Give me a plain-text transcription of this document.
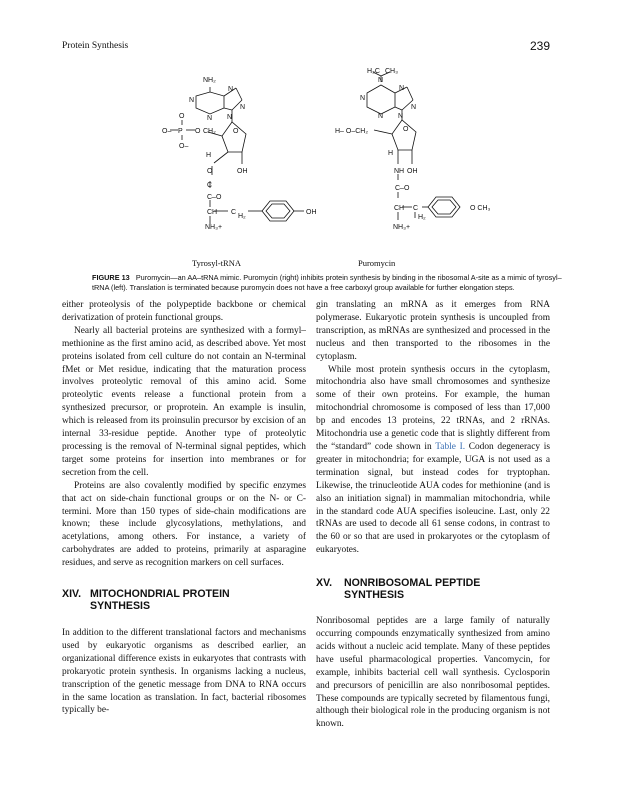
Protein Synthesis	239
NH₂
N
N
N
N N
O– P
O
O–
O CH₂ O
H
O	OH
C
C–O
CH C
H₂
OH
NH₃+
H₃C CH₃
N
N
N
N
N N
H– O–CH₂	O
H
NH OH
C–O
CH C
H₂
NH₃+
O CH₃
Tyrosyl-tRNA	Puromycin
FIGURE 13 Puromycin—an AA–tRNA mimic. Puromycin (right) inhibits protein synthesis by binding in the ribosomal A-site as a mimic of tyrosyl–tRNA (left). Translation is terminated because puromycin does not have a free carboxyl group available for further elongation steps.

either proteolysis of the polypeptide backbone or chemical derivatization of protein functional groups.

Nearly all bacterial proteins are synthesized with a formyl–methionine as the first amino acid, as described above. Yet most proteins isolated from cell culture do not contain an N-terminal fMet or Met residue, indicating that the maturation process involves proteolytic removal of this amino acid. Some proteolytic events release a functional protein from a synthesized precursor, or proprotein. An example is insulin, which is released from its proinsulin precursor by excision of an internal 33-residue peptide. Another type of proteolytic processing is the removal of N-terminal signal peptides, which target some proteins for insertion into membranes or for secretion from the cell.

Proteins are also covalently modified by specific enzymes that act on side-chain functional groups or on the N- or C-termini. More than 150 types of side-chain modifications are known; these include glycosylations, methylations, and acetylations, among others. For instance, a variety of carbohydrates are added to proteins, primarily at asparagine residues, and serve as recognition markers on cell surfaces.

XIV. MITOCHONDRIAL PROTEIN
SYNTHESIS

In addition to the different translational factors and mechanisms used by eukaryotic organisms as described earlier, an organizational difference exists in eukaryotes that contrasts with prokaryotic protein synthesis. In organisms lacking a nucleus, transcription of the genetic message from DNA to RNA occurs in the same location as translation. In fact, bacterial ribosomes typically be-

gin translating an mRNA as it emerges from RNA polymerase. Eukaryotic protein synthesis is uncoupled from transcription, as mRNAs are synthesized and processed in the nucleus and then transported to the ribosomes in the cytoplasm.

While most protein synthesis occurs in the cytoplasm, mitochondria also have small chromosomes and synthesize some of their own proteins. For example, the human mitochondrial chromosome is composed of less than 17,000 bp and encodes 13 proteins, 22 tRNAs, and 2 rRNAs. Mitochondria use a genetic code that is slightly different from the “standard” code shown in Table I. Codon degeneracy is greater in mitochondria; for example, UGA is not used as a termination signal, but instead codes for tryptophan. Likewise, the trinucleotide AUA codes for methionine (and is also an initiation signal) in mammalian mitochondria, while in the standard code AUA specifies isoleucine. Last, only 22 tRNAs are used to decode all 61 sense codons, in contrast to the 60 or so that are used in prokaryotes or the cytoplasm of eukaryotes.

XV. NONRIBOSOMAL PEPTIDE
SYNTHESIS

Nonribosomal peptides are a large family of naturally occurring compounds enzymatically synthesized from amino acids without a nucleic acid template. Many of these peptides have useful pharmacological properties. Vancomycin, for example, inhibits bacterial cell wall synthesis. Cyclosporin and precursors of penicillin are also nonribosomal peptides. These compounds are typically secreted by filamentous fungi, although their biological role in the producing organism is not known.
